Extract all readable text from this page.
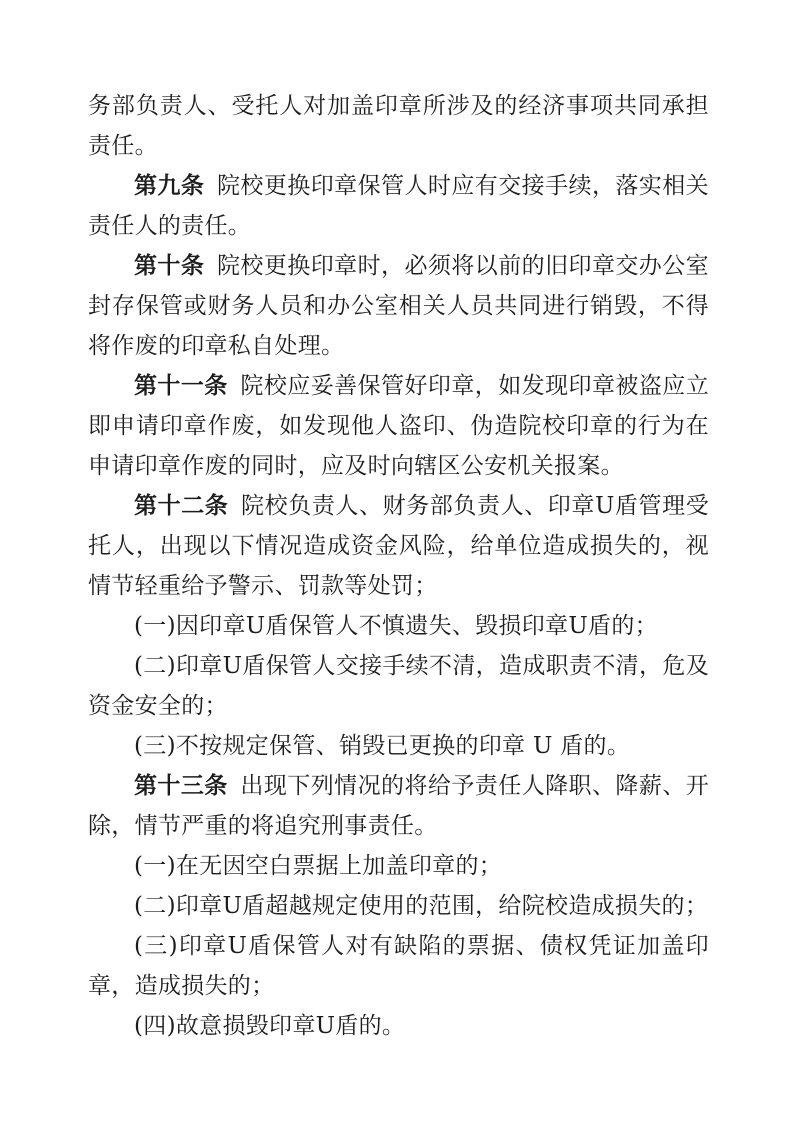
务部负责人、受托人对加盖印章所涉及的经济事项共同承担责任。

第九条 院校更换印章保管人时应有交接手续，落实相关责任人的责任。

第十条 院校更换印章时，必须将以前的旧印章交办公室封存保管或财务人员和办公室相关人员共同进行销毁，不得将作废的印章私自处理。

第十一条 院校应妥善保管好印章，如发现印章被盗应立即申请印章作废，如发现他人盗印、伪造院校印章的行为在申请印章作废的同时，应及时向辖区公安机关报案。

第十二条 院校负责人、财务部负责人、印章U盾管理受托人，出现以下情况造成资金风险，给单位造成损失的，视情节轻重给予警示、罚款等处罚；

(一)因印章U盾保管人不慎遗失、毁损印章U盾的；

(二)印章U盾保管人交接手续不清，造成职责不清，危及资金安全的；

(三)不按规定保管、销毁已更换的印章 U 盾的。

第十三条 出现下列情况的将给予责任人降职、降薪、开除，情节严重的将追究刑事责任。

(一)在无因空白票据上加盖印章的；

(二)印章U盾超越规定使用的范围，给院校造成损失的；

(三)印章U盾保管人对有缺陷的票据、债权凭证加盖印章，造成损失的；

(四)故意损毁印章U盾的。
